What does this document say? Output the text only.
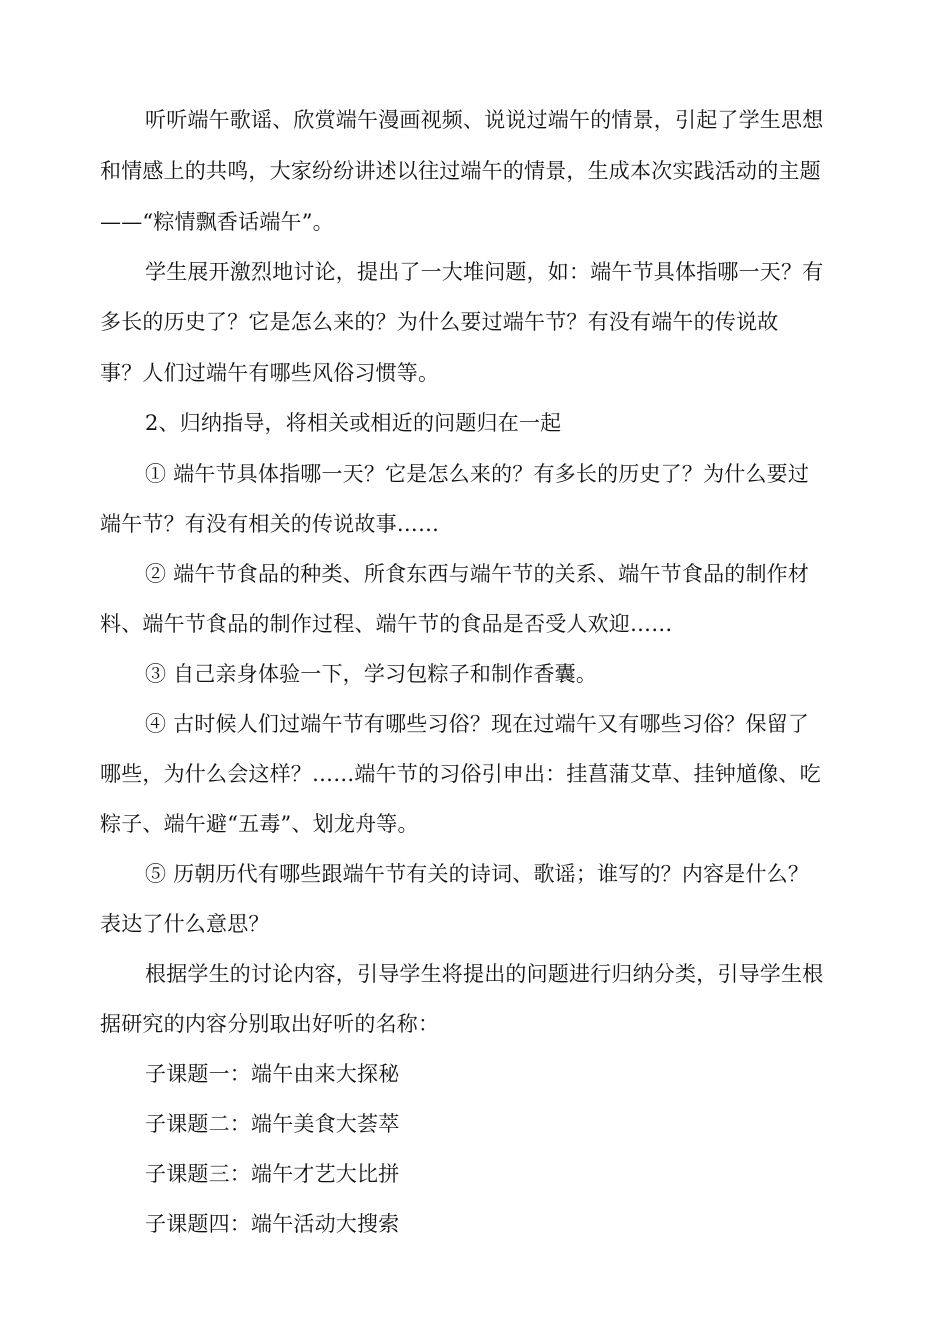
听听端午歌谣、欣赏端午漫画视频、说说过端午的情景，引起了学生思想
和情感上的共鸣，大家纷纷讲述以往过端午的情景，生成本次实践活动的主题
——“粽情飘香话端午”。
学生展开激烈地讨论，提出了一大堆问题，如：端午节具体指哪一天？有
多长的历史了？它是怎么来的？为什么要过端午节？有没有端午的传说故
事？人们过端午有哪些风俗习惯等。
2、归纳指导，将相关或相近的问题归在一起
① 端午节具体指哪一天？它是怎么来的？有多长的历史了？为什么要过
端午节？有没有相关的传说故事……
② 端午节食品的种类、所食东西与端午节的关系、端午节食品的制作材
料、端午节食品的制作过程、端午节的食品是否受人欢迎……
③ 自己亲身体验一下，学习包粽子和制作香囊。
④ 古时候人们过端午节有哪些习俗？现在过端午又有哪些习俗？保留了
哪些，为什么会这样？……端午节的习俗引申出：挂菖蒲艾草、挂钟馗像、吃
粽子、端午避“五毒”、划龙舟等。
⑤ 历朝历代有哪些跟端午节有关的诗词、歌谣；谁写的？内容是什么？
表达了什么意思？
根据学生的讨论内容，引导学生将提出的问题进行归纳分类，引导学生根
据研究的内容分别取出好听的名称：
子课题一：端午由来大探秘
子课题二：端午美食大荟萃
子课题三：端午才艺大比拼
子课题四：端午活动大搜索
